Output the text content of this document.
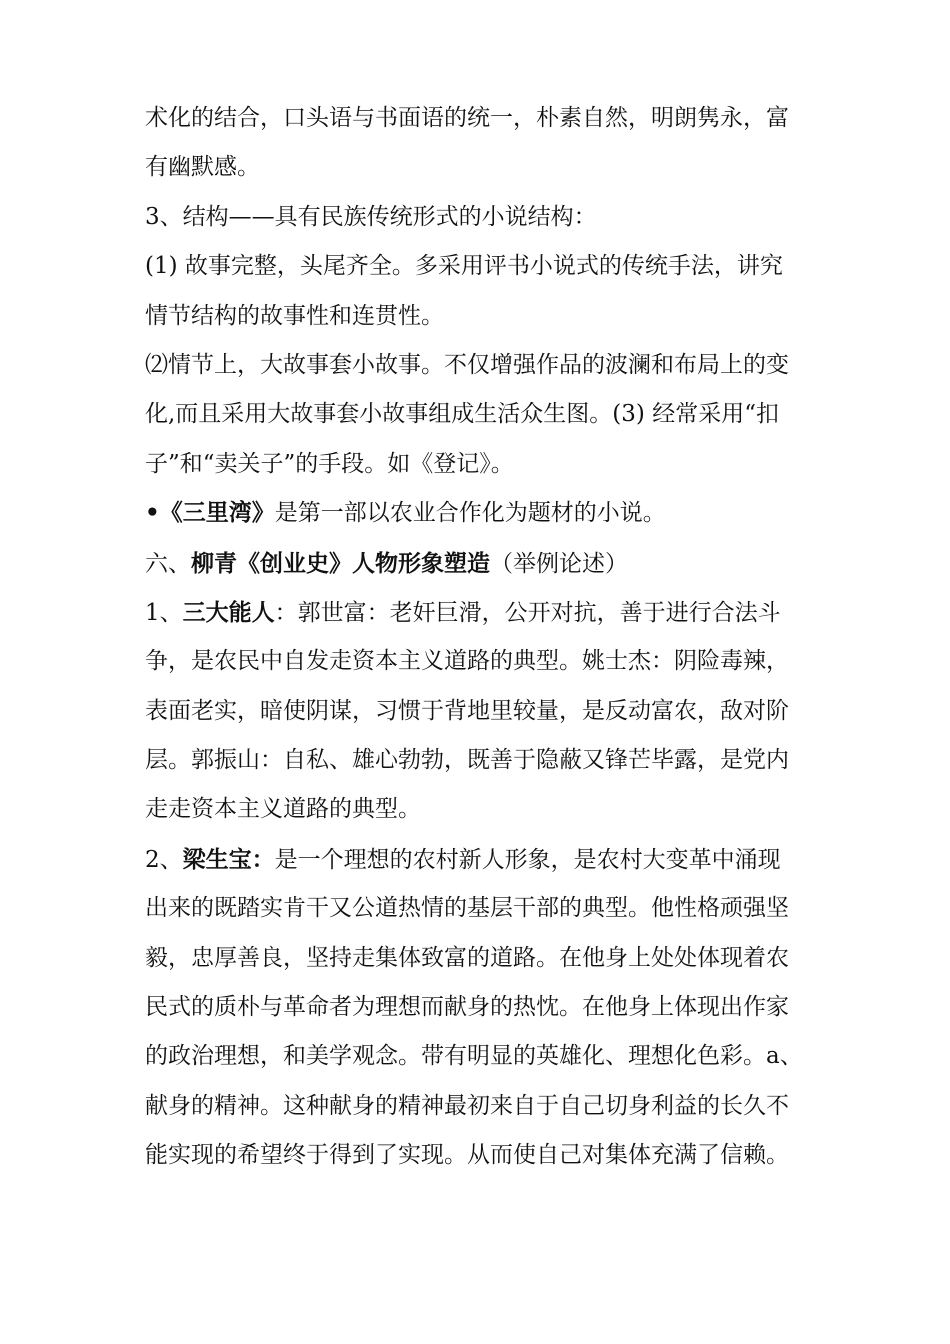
术化的结合，口头语与书面语的统一，朴素自然，明朗隽永，富
有幽默感。
3、结构——具有民族传统形式的小说结构：
(1) 故事完整，头尾齐全。多采用评书小说式的传统手法，讲究
情节结构的故事性和连贯性。
⑵情节上，大故事套小故事。不仅增强作品的波澜和布局上的变
化,而且采用大故事套小故事组成生活众生图。(3) 经常采用“扣
子”和“卖关子”的手段。如《登记》。
•《三里湾》是第一部以农业合作化为题材的小说。
六、柳青《创业史》人物形象塑造（举例论述）
1、三大能人：郭世富：老奸巨滑，公开对抗，善于进行合法斗
争，是农民中自发走资本主义道路的典型。姚士杰：阴险毒辣，
表面老实，暗使阴谋，习惯于背地里较量，是反动富农，敌对阶
层。郭振山：自私、雄心勃勃，既善于隐蔽又锋芒毕露，是党内
走走资本主义道路的典型。
2、梁生宝：是一个理想的农村新人形象，是农村大变革中涌现
出来的既踏实肯干又公道热情的基层干部的典型。他性格顽强坚
毅，忠厚善良，坚持走集体致富的道路。在他身上处处体现着农
民式的质朴与革命者为理想而献身的热忱。在他身上体现出作家
的政治理想，和美学观念。带有明显的英雄化、理想化色彩。a、
献身的精神。这种献身的精神最初来自于自己切身利益的长久不
能实现的希望终于得到了实现。从而使自己对集体充满了信赖。
